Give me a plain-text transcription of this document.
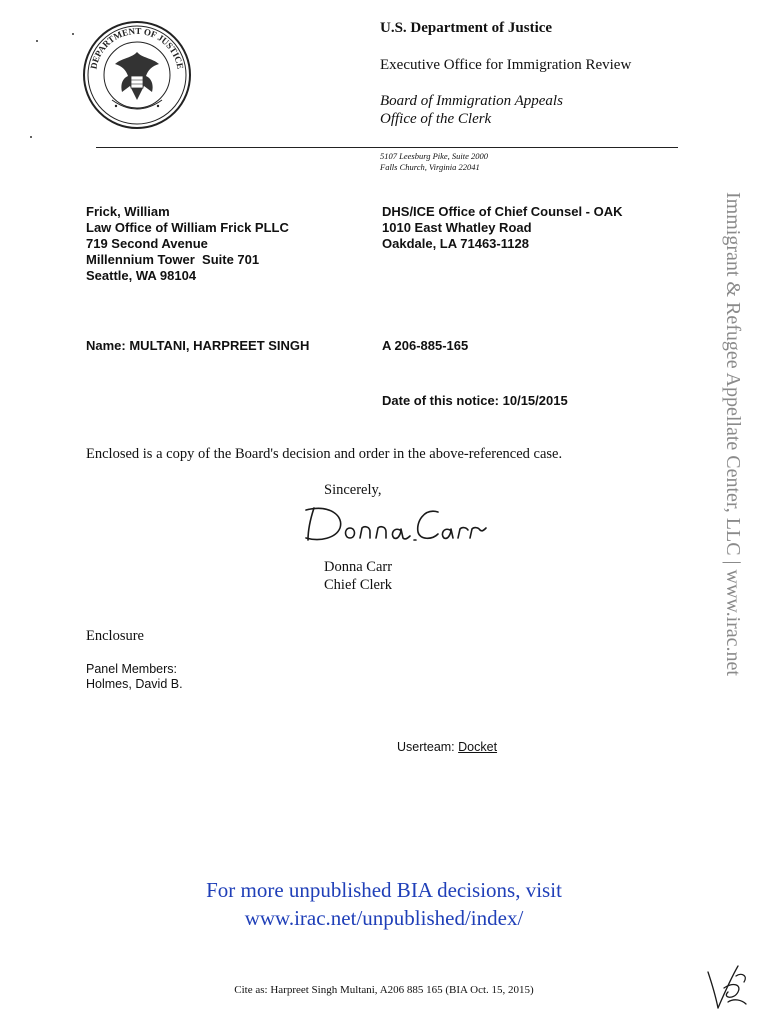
DEPARTMENT OF JUSTICE
U.S. Department of Justice
Executive Office for Immigration Review
Board of Immigration Appeals
Office of the Clerk
5107 Leesburg Pike, Suite 2000
Falls Church, Virginia 22041
Frick, William
Law Office of William Frick PLLC
719 Second Avenue
Millennium Tower  Suite 701
Seattle, WA 98104
DHS/ICE Office of Chief Counsel - OAK
1010 East Whatley Road
Oakdale, LA 71463-1128
Name: MULTANI, HARPREET SINGH	A 206-885-165
Date of this notice: 10/15/2015
Enclosed is a copy of the Board's decision and order in the above-referenced case.
Sincerely,
Donna Carr
Chief Clerk
Enclosure
Panel Members:
Holmes, David B.
Userteam: Docket
Immigrant & Refugee Appellate Center, LLC | www.irac.net
For more unpublished BIA decisions, visit
www.irac.net/unpublished/index/
Cite as: Harpreet Singh Multani, A206 885 165 (BIA Oct. 15, 2015)
